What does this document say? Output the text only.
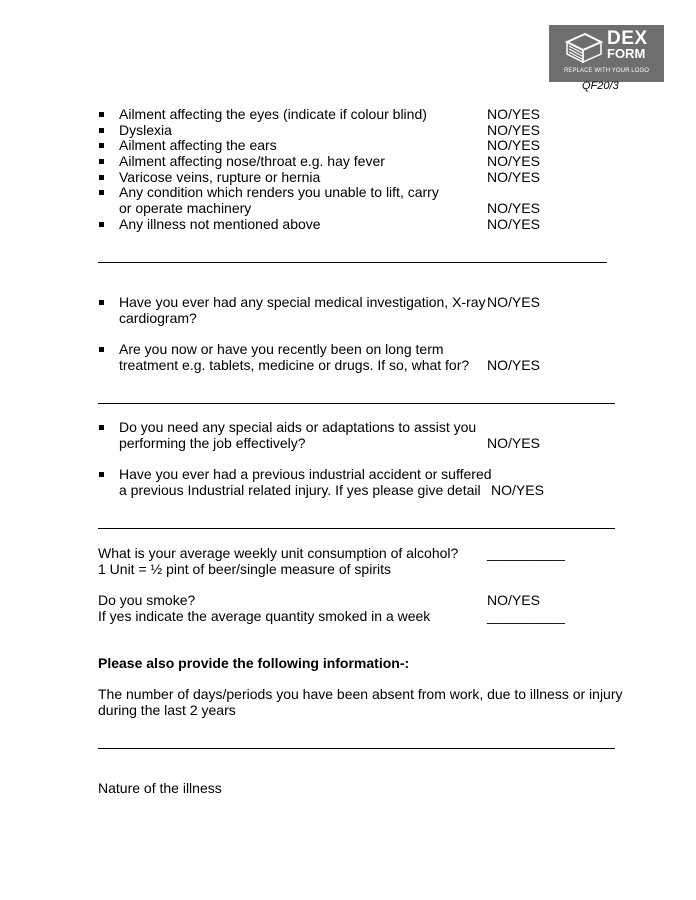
DEX
FORM
REPLACE WITH YOUR LOGO
QF20/3
Ailment affecting the eyes (indicate if colour blind)	NO/YES
Dyslexia	NO/YES
Ailment affecting the ears	NO/YES
Ailment affecting nose/throat e.g. hay fever	NO/YES
Varicose veins, rupture or hernia	NO/YES
Any condition which renders you unable to lift, carry
or operate machinery	NO/YES
Any illness not mentioned above	NO/YES
Have you ever had any special medical investigation, X-ray
cardiogram?
NO/YES
Are you now or have you recently been on long term
treatment e.g. tablets, medicine or drugs. If so, what for? NO/YES
Do you need any special aids or adaptations to assist you
performing the job effectively?	NO/YES
Have you ever had a previous industrial accident or suffered
a previous Industrial related injury. If yes please give detail NO/YES
What is your average weekly unit consumption of alcohol? __________
1 Unit = ½ pint of beer/single measure of spirits
Do you smoke?	NO/YES
If yes indicate the average quantity smoked in a week	__________
Please also provide the following information-:
The number of days/periods you have been absent from work, due to illness or injury
during the last 2 years
Nature of the illness
